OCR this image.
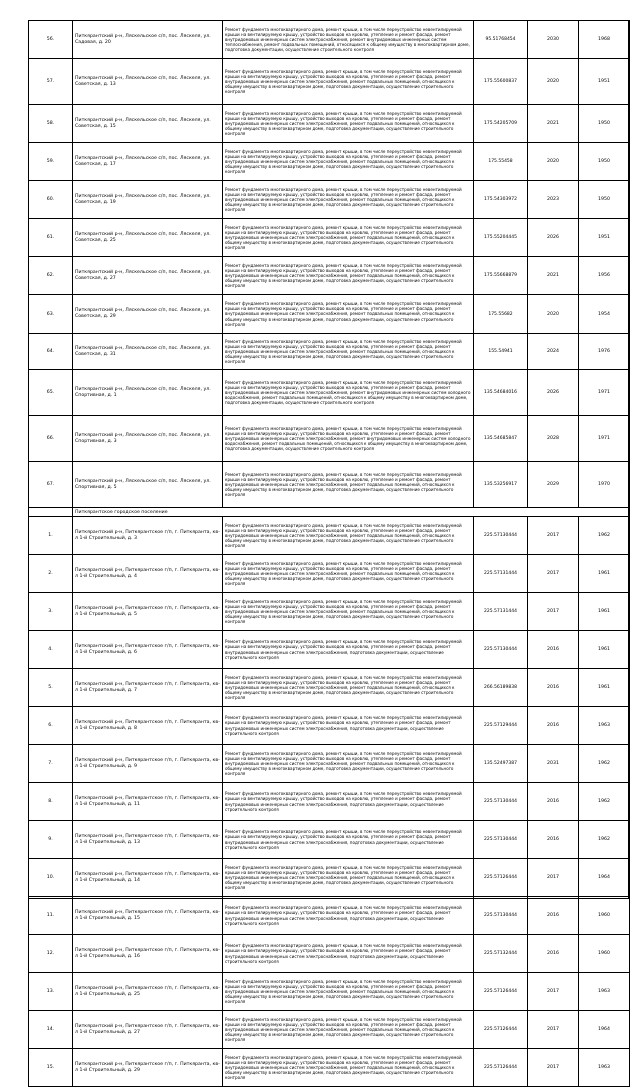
56.	Питкярантский р-н, Ляскельское с/п, пос. Ляскеля, ул. Садовая, д. 20	Ремонт фундамента многоквартирного дома, ремонт крыши, в том числе переустройство невентилируемой крыши на вентилируемую крышу, устройство выходов на кровлю, утепление и ремонт фасада, ремонт внутридомовых инженерных систем электроснабжения, ремонт внутридомовых инженерных систем теплоснабжения, ремонт подвальных помещений, относящихся к общему имуществу в многоквартирном доме, подготовка документации, осуществление строительного контроля	95.51768454	2030	1968
57.	Питкярантский р-н, Ляскельское с/п, пос. Ляскеля, ул. Советская, д. 13	Ремонт фундамента многоквартирного дома, ремонт крыши, в том числе переустройство невентилируемой крыши на вентилируемую крышу, устройство выходов на кровлю, утепление и ремонт фасада, ремонт внутридомовых инженерных систем электроснабжения, ремонт подвальных помещений, относящихся к общему имуществу в многоквартирном доме, подготовка документации, осуществление строительного контроля	175.55600837	2020	1951
58.	Питкярантский р-н, Ляскельское с/п, пос. Ляскеля, ул. Советская, д. 15	Ремонт фундамента многоквартирного дома, ремонт крыши, в том числе переустройство невентилируемой крыши на вентилируемую крышу, устройство выходов на кровлю, утепление и ремонт фасада, ремонт внутридомовых инженерных систем электроснабжения, ремонт подвальных помещений, относящихся к общему имуществу в многоквартирном доме, подготовка документации, осуществление строительного контроля	175.54205709	2021	1950
59.	Питкярантский р-н, Ляскельское с/п, пос. Ляскеля, ул. Советская, д. 17	Ремонт фундамента многоквартирного дома, ремонт крыши, в том числе переустройство невентилируемой крыши на вентилируемую крышу, устройство выходов на кровлю, утепление и ремонт фасада, ремонт внутридомовых инженерных систем электроснабжения, ремонт подвальных помещений, относящихся к общему имуществу в многоквартирном доме, подготовка документации, осуществление строительного контроля	175.55458	2020	1950
60.	Питкярантский р-н, Ляскельское с/п, пос. Ляскеля, ул. Советская, д. 19	Ремонт фундамента многоквартирного дома, ремонт крыши, в том числе переустройство невентилируемой крыши на вентилируемую крышу, устройство выходов на кровлю, утепление и ремонт фасада, ремонт внутридомовых инженерных систем электроснабжения, ремонт подвальных помещений, относящихся к общему имуществу в многоквартирном доме, подготовка документации, осуществление строительного контроля	175.54303972	2023	1950
61.	Питкярантский р-н, Ляскельское с/п, пос. Ляскеля, ул. Советская, д. 25	Ремонт фундамента многоквартирного дома, ремонт крыши, в том числе переустройство невентилируемой крыши на вентилируемую крышу, устройство выходов на кровлю, утепление и ремонт фасада, ремонт внутридомовых инженерных систем электроснабжения, ремонт подвальных помещений, относящихся к общему имуществу в многоквартирном доме, подготовка документации, осуществление строительного контроля	175.55204445	2026	1951
62.	Питкярантский р-н, Ляскельское с/п, пос. Ляскеля, ул. Советская, д. 27	Ремонт фундамента многоквартирного дома, ремонт крыши, в том числе переустройство невентилируемой крыши на вентилируемую крышу, устройство выходов на кровлю, утепление и ремонт фасада, ремонт внутридомовых инженерных систем электроснабжения, ремонт подвальных помещений, относящихся к общему имуществу в многоквартирном доме, подготовка документации, осуществление строительного контроля	175.55668879	2021	1956
63.	Питкярантский р-н, Ляскельское с/п, пос. Ляскеля, ул. Советская, д. 29	Ремонт фундамента многоквартирного дома, ремонт крыши, в том числе переустройство невентилируемой крыши на вентилируемую крышу, устройство выходов на кровлю, утепление и ремонт фасада, ремонт внутридомовых инженерных систем электроснабжения, ремонт подвальных помещений, относящихся к общему имуществу в многоквартирном доме, подготовка документации, осуществление строительного контроля	175.55682	2020	1954
64.	Питкярантский р-н, Ляскельское с/п, пос. Ляскеля, ул. Советская, д. 31	Ремонт фундамента многоквартирного дома, ремонт крыши, в том числе переустройство невентилируемой крыши на вентилируемую крышу, устройство выходов на кровлю, утепление и ремонт фасада, ремонт внутридомовых инженерных систем электроснабжения, ремонт подвальных помещений, относящихся к общему имуществу в многоквартирном доме, подготовка документации, осуществление строительного контроля	155.54941	2024	1976
65.	Питкярантский р-н, Ляскельское с/п, пос. Ляскеля, ул. Спортивная, д. 1	Ремонт фундамента многоквартирного дома, ремонт крыши, в том числе переустройство невентилируемой крыши на вентилируемую крышу, устройство выходов на кровлю, утепление и ремонт фасада, ремонт внутридомовых инженерных систем электроснабжения, ремонт внутридомовых инженерных систем холодного водоснабжения, ремонт подвальных помещений, относящихся к общему имуществу в многоквартирном доме, подготовка документации, осуществление строительного контроля	135.54684016	2026	1971
66.	Питкярантский р-н, Ляскельское с/п, пос. Ляскеля, ул. Спортивная, д. 3	Ремонт фундамента многоквартирного дома, ремонт крыши, в том числе переустройство невентилируемой крыши на вентилируемую крышу, устройство выходов на кровлю, утепление и ремонт фасада, ремонт внутридомовых инженерных систем электроснабжения, ремонт внутридомовых инженерных систем холодного водоснабжения, ремонт подвальных помещений, относящихся к общему имуществу в многоквартирном доме, подготовка документации, осуществление строительного контроля	135.54685847	2028	1971
67.	Питкярантский р-н, Ляскельское с/п, пос. Ляскеля, ул. Спортивная, д. 5	Ремонт фундамента многоквартирного дома, ремонт крыши, в том числе переустройство невентилируемой крыши на вентилируемую крышу, устройство выходов на кровлю, утепление и ремонт фасада, ремонт внутридомовых инженерных систем электроснабжения, ремонт подвальных помещений, относящихся к общему имуществу в многоквартирном доме, подготовка документации, осуществление строительного контроля	135.53256917	2029	1970
	Питкярантское городское поселение				
1.	Питкярантский р-н, Питкярантское г/п, г. Питкяранта, кв-л 1-й Строительный, д. 3	Ремонт фундамента многоквартирного дома, ремонт крыши, в том числе переустройство невентилируемой крыши на вентилируемую крышу, устройство выходов на кровлю, утепление и ремонт фасада, ремонт внутридомовых инженерных систем электроснабжения, ремонт подвальных помещений, относящихся к общему имуществу в многоквартирном доме, подготовка документации, осуществление строительного контроля	225.57130444	2017	1962
2.	Питкярантский р-н, Питкярантское г/п, г. Питкяранта, кв-л 1-й Строительный, д. 4	Ремонт фундамента многоквартирного дома, ремонт крыши, в том числе переустройство невентилируемой крыши на вентилируемую крышу, устройство выходов на кровлю, утепление и ремонт фасада, ремонт внутридомовых инженерных систем электроснабжения, ремонт подвальных помещений, относящихся к общему имуществу в многоквартирном доме, подготовка документации, осуществление строительного контроля	225.57131444	2017	1961
3.	Питкярантский р-н, Питкярантское г/п, г. Питкяранта, кв-л 1-й Строительный, д. 5	Ремонт фундамента многоквартирного дома, ремонт крыши, в том числе переустройство невентилируемой крыши на вентилируемую крышу, устройство выходов на кровлю, утепление и ремонт фасада, ремонт внутридомовых инженерных систем электроснабжения, ремонт подвальных помещений, относящихся к общему имуществу в многоквартирном доме, подготовка документации, осуществление строительного контроля	225.57131444	2017	1961
4.	Питкярантский р-н, Питкярантское г/п, г. Питкяранта, кв-л 1-й Строительный, д. 6	Ремонт фундамента многоквартирного дома, ремонт крыши, в том числе переустройство невентилируемой крыши на вентилируемую крышу, устройство выходов на кровлю, утепление и ремонт фасада, ремонт внутридомовых инженерных систем электроснабжения, подготовка документации, осуществление строительного контроля	225.57130444	2016	1961
5.	Питкярантский р-н, Питкярантское г/п, г. Питкяранта, кв-л 1-й Строительный, д. 7	Ремонт фундамента многоквартирного дома, ремонт крыши, в том числе переустройство невентилируемой крыши на вентилируемую крышу, устройство выходов на кровлю, утепление и ремонт фасада, ремонт внутридомовых инженерных систем электроснабжения, ремонт подвальных помещений, относящихся к общему имуществу в многоквартирном доме, подготовка документации, осуществление строительного контроля	266.56189838	2016	1961
6.	Питкярантский р-н, Питкярантское г/п, г. Питкяранта, кв-л 1-й Строительный, д. 8	Ремонт фундамента многоквартирного дома, ремонт крыши, в том числе переустройство невентилируемой крыши на вентилируемую крышу, устройство выходов на кровлю, утепление и ремонт фасада, ремонт внутридомовых инженерных систем электроснабжения, подготовка документации, осуществление строительного контроля	225.57129444	2016	1963
7.	Питкярантский р-н, Питкярантское г/п, г. Питкяранта, кв-л 1-й Строительный, д. 9	Ремонт фундамента многоквартирного дома, ремонт крыши, в том числе переустройство невентилируемой крыши на вентилируемую крышу, устройство выходов на кровлю, утепление и ремонт фасада, ремонт внутридомовых инженерных систем электроснабжения, ремонт подвальных помещений, относящихся к общему имуществу в многоквартирном доме, подготовка документации, осуществление строительного контроля	135.52497387	2031	1962
8.	Питкярантский р-н, Питкярантское г/п, г. Питкяранта, кв-л 1-й Строительный, д. 11	Ремонт фундамента многоквартирного дома, ремонт крыши, в том числе переустройство невентилируемой крыши на вентилируемую крышу, устройство выходов на кровлю, утепление и ремонт фасада, ремонт внутридомовых инженерных систем электроснабжения, подготовка документации, осуществление строительного контроля	225.57130444	2016	1962
9.	Питкярантский р-н, Питкярантское г/п, г. Питкяранта, кв-л 1-й Строительный, д. 13	Ремонт фундамента многоквартирного дома, ремонт крыши, в том числе переустройство невентилируемой крыши на вентилируемую крышу, устройство выходов на кровлю, утепление и ремонт фасада, ремонт внутридомовых инженерных систем электроснабжения, подготовка документации, осуществление строительного контроля	225.57130444	2016	1962
10.	Питкярантский р-н, Питкярантское г/п, г. Питкяранта, кв-л 1-й Строительный, д. 14	Ремонт фундамента многоквартирного дома, ремонт крыши, в том числе переустройство невентилируемой крыши на вентилируемую крышу, устройство выходов на кровлю, утепление и ремонт фасада, ремонт внутридомовых инженерных систем электроснабжения, ремонт подвальных помещений, относящихся к общему имуществу в многоквартирном доме, подготовка документации, осуществление строительного контроля	225.57126444	2017	1964
11.	Питкярантский р-н, Питкярантское г/п, г. Питкяранта, кв-л 1-й Строительный, д. 15	Ремонт фундамента многоквартирного дома, ремонт крыши, в том числе переустройство невентилируемой крыши на вентилируемую крышу, устройство выходов на кровлю, утепление и ремонт фасада, ремонт внутридомовых инженерных систем электроснабжения, подготовка документации, осуществление строительного контроля	225.57130444	2016	1960
12.	Питкярантский р-н, Питкярантское г/п, г. Питкяранта, кв-л 1-й Строительный, д. 16	Ремонт фундамента многоквартирного дома, ремонт крыши, в том числе переустройство невентилируемой крыши на вентилируемую крышу, устройство выходов на кровлю, утепление и ремонт фасада, ремонт внутридомовых инженерных систем электроснабжения, подготовка документации, осуществление строительного контроля	225.57132444	2016	1960
13.	Питкярантский р-н, Питкярантское г/п, г. Питкяранта, кв-л 1-й Строительный, д. 25	Ремонт фундамента многоквартирного дома, ремонт крыши, в том числе переустройство невентилируемой крыши на вентилируемую крышу, устройство выходов на кровлю, утепление и ремонт фасада, ремонт внутридомовых инженерных систем электроснабжения, ремонт подвальных помещений, относящихся к общему имуществу в многоквартирном доме, подготовка документации, осуществление строительного контроля	225.57126444	2017	1963
14.	Питкярантский р-н, Питкярантское г/п, г. Питкяранта, кв-л 1-й Строительный, д. 27	Ремонт фундамента многоквартирного дома, ремонт крыши, в том числе переустройство невентилируемой крыши на вентилируемую крышу, устройство выходов на кровлю, утепление и ремонт фасада, ремонт внутридомовых инженерных систем электроснабжения, ремонт подвальных помещений, относящихся к общему имуществу в многоквартирном доме, подготовка документации, осуществление строительного контроля	225.57126444	2017	1964
15.	Питкярантский р-н, Питкярантское г/п, г. Питкяранта, кв-л 1-й Строительный, д. 29	Ремонт фундамента многоквартирного дома, ремонт крыши, в том числе переустройство невентилируемой крыши на вентилируемую крышу, устройство выходов на кровлю, утепление и ремонт фасада, ремонт внутридомовых инженерных систем электроснабжения, ремонт подвальных помещений, относящихся к общему имуществу в многоквартирном доме, подготовка документации, осуществление строительного контроля	225.57126444	2017	1963
